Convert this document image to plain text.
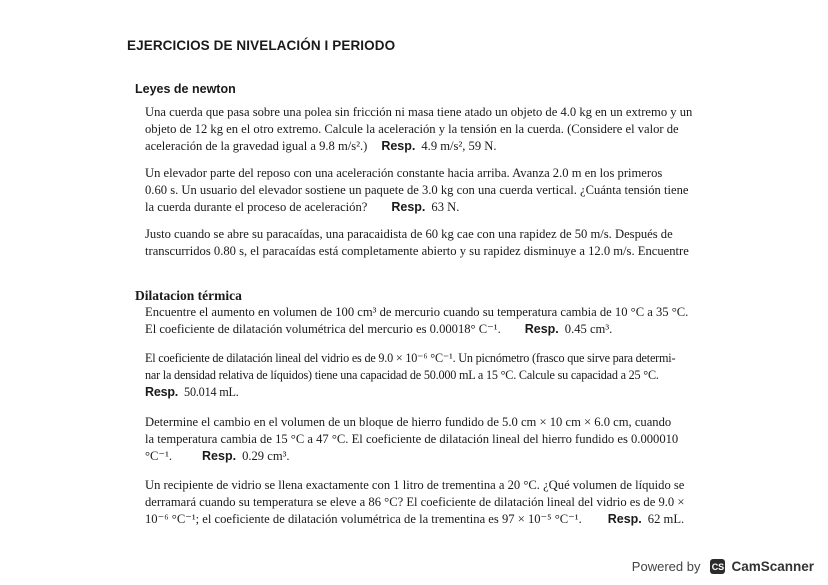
EJERCICIOS DE NIVELACIÓN I PERIODO
Leyes de newton
Una cuerda que pasa sobre una polea sin fricción ni masa tiene atado un objeto de 4.0 kg en un extremo y un
objeto de 12 kg en el otro extremo. Calcule la aceleración y la tensión en la cuerda. (Considere el valor de
aceleración de la gravedad igual a 9.8 m/s².) Resp. 4.9 m/s², 59 N.
Un elevador parte del reposo con una aceleración constante hacia arriba. Avanza 2.0 m en los primeros
0.60 s. Un usuario del elevador sostiene un paquete de 3.0 kg con una cuerda vertical. ¿Cuánta tensión tiene
la cuerda durante el proceso de aceleración? Resp. 63 N.
Justo cuando se abre su paracaídas, una paracaidista de 60 kg cae con una rapidez de 50 m/s. Después de
transcurridos 0.80 s, el paracaídas está completamente abierto y su rapidez disminuye a 12.0 m/s. Encuentre
Dilatacion térmica
Encuentre el aumento en volumen de 100 cm³ de mercurio cuando su temperatura cambia de 10 °C a 35 °C.
El coeficiente de dilatación volumétrica del mercurio es 0.00018° C⁻¹. Resp. 0.45 cm³.
El coeficiente de dilatación lineal del vidrio es de 9.0 × 10⁻⁶ °C⁻¹. Un picnómetro (frasco que sirve para determi-
nar la densidad relativa de líquidos) tiene una capacidad de 50.000 mL a 15 °C. Calcule su capacidad a 25 °C.
Resp. 50.014 mL.
Determine el cambio en el volumen de un bloque de hierro fundido de 5.0 cm × 10 cm × 6.0 cm, cuando
la temperatura cambia de 15 °C a 47 °C. El coeficiente de dilatación lineal del hierro fundido es 0.000010
°C⁻¹. Resp. 0.29 cm³.
Un recipiente de vidrio se llena exactamente con 1 litro de trementina a 20 °C. ¿Qué volumen de líquido se
derramará cuando su temperatura se eleve a 86 °C? El coeficiente de dilatación lineal del vidrio es de 9.0 ×
10⁻⁶ °C⁻¹; el coeficiente de dilatación volumétrica de la trementina es 97 × 10⁻⁵ °C⁻¹. Resp. 62 mL.
Powered by CS CamScanner
